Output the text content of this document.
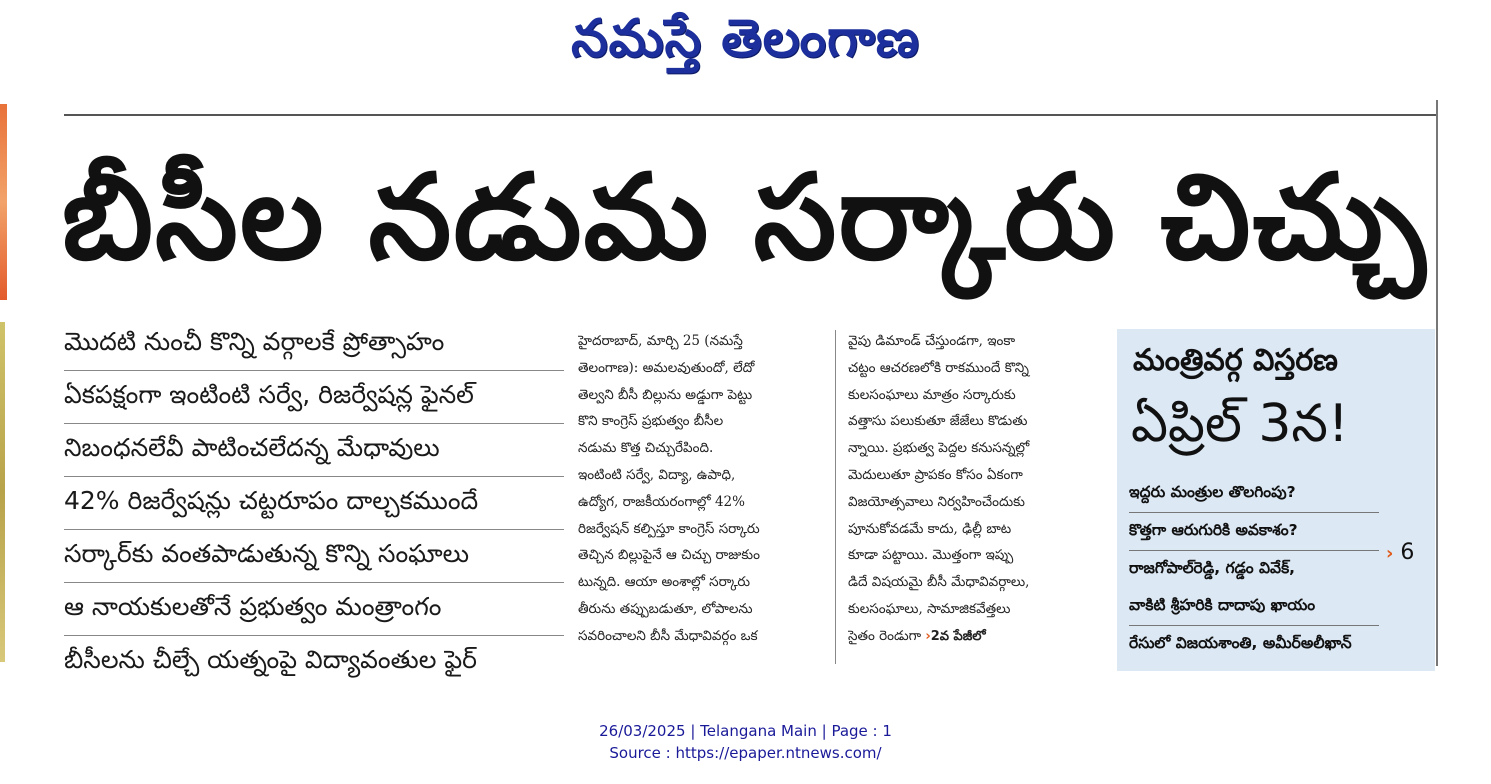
నమస్తే తెలంగాణ
బీసీల నడుమ సర్కారు చిచ్చు
మొదటి నుంచీ కొన్ని వర్గాలకే ప్రోత్సాహం
ఏకపక్షంగా ఇంటింటి సర్వే, రిజర్వేషన్ల ఫైనల్
నిబంధనలేవీ పాటించలేదన్న మేధావులు
42% రిజర్వేషన్లు చట్టరూపం దాల్చకముందే
సర్కార్‌కు వంతపాడుతున్న కొన్ని సంఘాలు
ఆ నాయకులతోనే ప్రభుత్వం మంత్రాంగం
బీసీలను చీల్చే యత్నంపై విద్యావంతుల ఫైర్
హైదరాబాద్, మార్చి 25 (నమస్తే
తెలంగాణ): అమలవుతుందో, లేదో
తెల్వని బీసీ బిల్లును అడ్డుగా పెట్టు
కొని కాంగ్రెస్ ప్రభుత్వం బీసీల
నడుమ కొత్త చిచ్చురేపింది.
ఇంటింటి సర్వే, విద్యా, ఉపాధి,
ఉద్యోగ, రాజకీయరంగాల్లో 42%
రిజర్వేషన్ కల్పిస్తూ కాంగ్రెస్ సర్కారు
తెచ్చిన బిల్లుపైనే ఆ చిచ్చు రాజుకుం
టున్నది. ఆయా అంశాల్లో సర్కారు
తీరును తప్పుబడుతూ, లోపాలను
సవరించాలని బీసీ మేధావివర్గం ఒక
వైపు డిమాండ్ చేస్తుండగా, ఇంకా
చట్టం ఆచరణలోకి రాకముందే కొన్ని
కులసంఘాలు మాత్రం సర్కారుకు
వత్తాసు పలుకుతూ జేజేలు కొడుతు
న్నాయి. ప్రభుత్వ పెద్దల కనుసన్నల్లో
మెదులుతూ ప్రాపకం కోసం ఏకంగా
విజయోత్సవాలు నిర్వహించేందుకు
పూనుకోవడమే కాదు, ఢిల్లీ బాట
కూడా పట్టాయి. మొత్తంగా ఇప్పు
డిదే విషయమై బీసీ మేధావివర్గాలు,
కులసంఘాలు, సామాజికవేత్తలు
సైతం రెండుగా ›2వ పేజీలో
మంత్రివర్గ విస్తరణ
ఏప్రిల్ 3న!
ఇద్దరు మంత్రుల తొలగింపు?
కొత్తగా ఆరుగురికి అవకాశం?
రాజగోపాల్‌రెడ్డి, గడ్డం వివేక్,
వాకిటి శ్రీహరికి దాదాపు ఖాయం
రేసులో విజయశాంతి, అమీర్‌అలీఖాన్
› 6
26/03/2025 | Telangana Main | Page : 1
Source : https://epaper.ntnews.com/
